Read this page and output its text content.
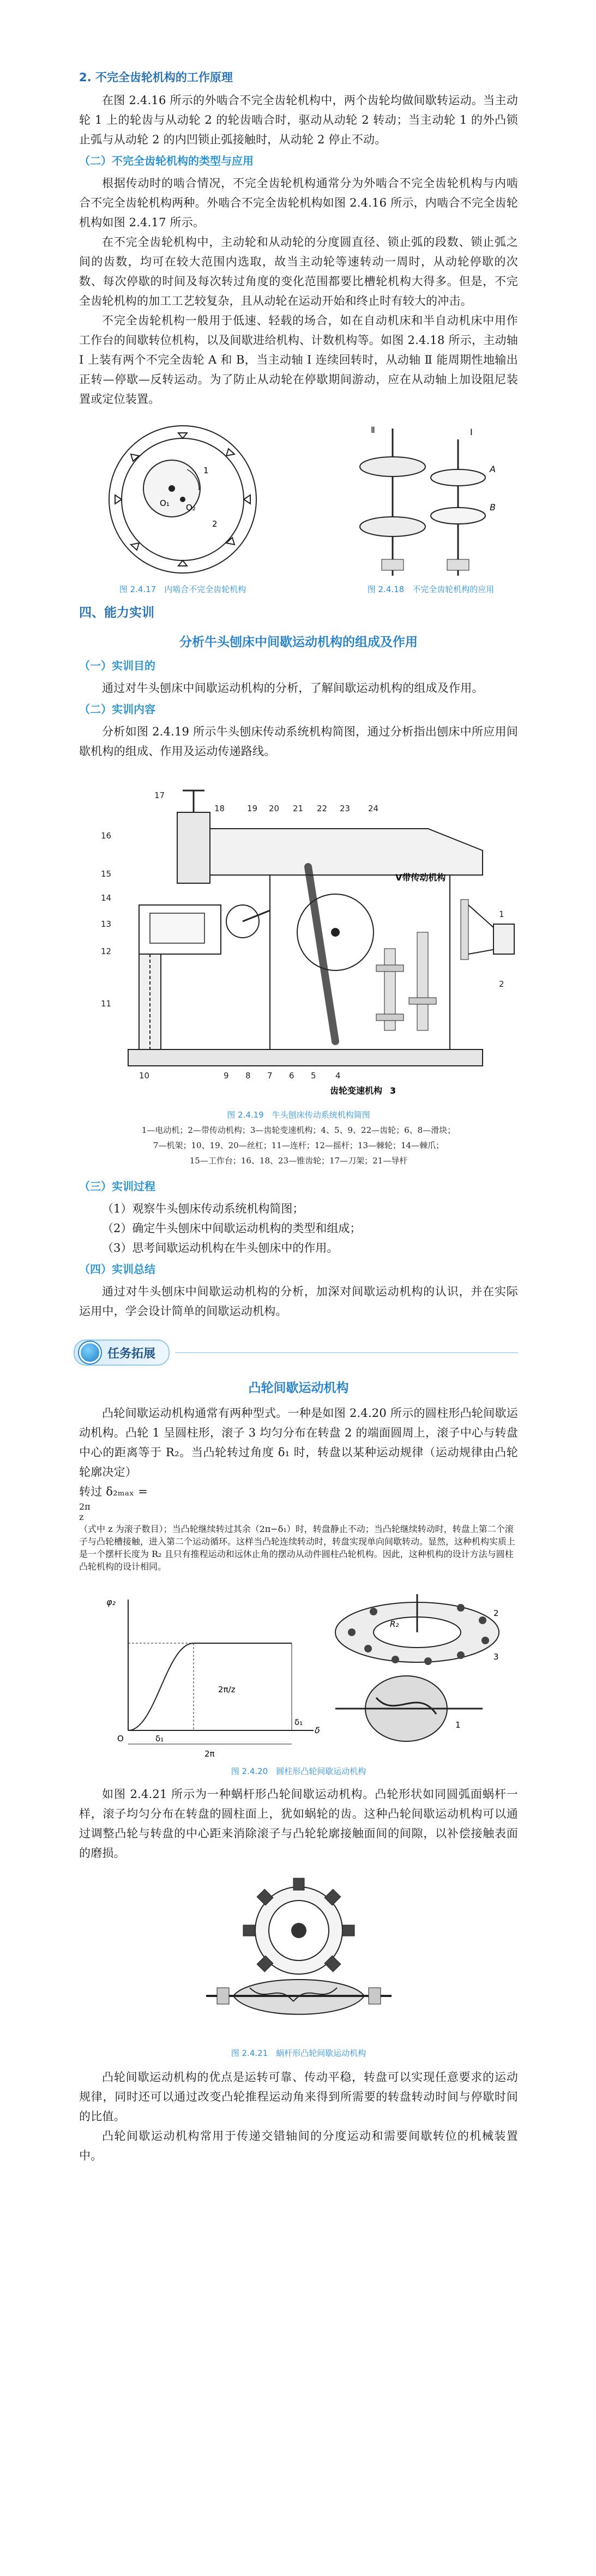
2. 不完全齿轮机构的工作原理

在图 2.4.16 所示的外啮合不完全齿轮机构中，两个齿轮均做间歇转运动。当主动轮 1 上的轮齿与从动轮 2 的轮齿啮合时，驱动从动轮 2 转动；当主动轮 1 的外凸锁止弧与从动轮 2 的内凹锁止弧接触时，从动轮 2 停止不动。

（二）不完全齿轮机构的类型与应用

根据传动时的啮合情况，不完全齿轮机构通常分为外啮合不完全齿轮机构与内啮合不完全齿轮机构两种。外啮合不完全齿轮机构如图 2.4.16 所示，内啮合不完全齿轮机构如图 2.4.17 所示。

在不完全齿轮机构中，主动轮和从动轮的分度圆直径、锁止弧的段数、锁止弧之间的齿数，均可在较大范围内选取，故当主动轮等速转动一周时，从动轮停歇的次数、每次停歇的时间及每次转过角度的变化范围都要比槽轮机构大得多。但是，不完全齿轮机构的加工工艺较复杂，且从动轮在运动开始和终止时有较大的冲击。

不完全齿轮机构一般用于低速、轻载的场合，如在自动机床和半自动机床中用作工作台的间歇转位机构，以及间歇进给机构、计数机构等。如图 2.4.18 所示，主动轴 Ⅰ 上装有两个不完全齿轮 A 和 B，当主动轴 Ⅰ 连续回转时，从动轴 Ⅱ 能周期性地输出正转—停歇—反转运动。为了防止从动轮在停歇期间游动，应在从动轴上加设阻尼装置或定位装置。

O₁ O₂
1
2
图 2.4.17　内啮合不完全齿轮机构
Ⅱ	Ⅰ
A
B
图 2.4.18　不完全齿轮机构的应用
四、能力实训
分析牛头刨床中间歇运动机构的组成及作用
（一）实训目的

通过对牛头刨床中间歇运动机构的分析，了解间歇运动机构的组成及作用。

（二）实训内容

分析如图 2.4.19 所示牛头刨床传动系统机构简图，通过分析指出刨床中所应用间歇机构的组成、作用及运动传递路线。

V带传动机构
齿轮变速机构 3
17
16
15
14
13
12
11
10
18	19 20 21 22 23 24
9 8 7 6 5 4
1
2
图 2.4.19　牛头刨床传动系统机构简图
1—电动机；2—带传动机构；3—齿轮变速机构；4、5、9、22—齿轮；6、8—滑块；
7—机架；10、19、20—丝杠；11—连杆；12—摇杆；13—棘轮；14—棘爪；
15—工作台；16、18、23—锥齿轮；17—刀架；21—导杆
（三）实训过程
（1）观察牛头刨床传动系统机构简图；
（2）确定牛头刨床中间歇运动机构的类型和组成；
（3）思考间歇运动机构在牛头刨床中的作用。
（四）实训总结

通过对牛头刨床中间歇运动机构的分析，加深对间歇运动机构的认识，并在实际运用中，学会设计简单的间歇运动机构。

任务拓展
凸轮间歇运动机构

凸轮间歇运动机构通常有两种型式。一种是如图 2.4.20 所示的圆柱形凸轮间歇运动机构。凸轮 1 呈圆柱形，滚子 3 均匀分布在转盘 2 的端面圆周上，滚子中心与转盘中心的距离等于 R₂。当凸轮转过角度 δ₁ 时，转盘以某种运动规律（运动规律由凸轮轮廓决定）

转过 δ₂ₘₐₓ =

2π
z
（式中 z 为滚子数目）；当凸轮继续转过其余（2π−δ₁）时，转盘静止不动；当凸轮继续转动时，转盘上第二个滚子与凸轮槽接触，进入第二个运动循环。这样当凸轮连续转动时，转盘实现单向间歇转动。显然，这种机构实质上是一个摆杆长度为 R₂ 且只有推程运动和远休止角的摆动从动件圆柱凸轮机构。因此，这种机构的设计方法与圆柱凸轮机构的设计相同。

φ₂
2π/z
O
δ
δ₁
δ₁
2π
R₂
2
3
1
图 2.4.20　圆柱形凸轮间歇运动机构

如图 2.4.21 所示为一种蜗杆形凸轮间歇运动机构。凸轮形状如同圆弧面蜗杆一样，滚子均匀分布在转盘的圆柱面上，犹如蜗轮的齿。这种凸轮间歇运动机构可以通过调整凸轮与转盘的中心距来消除滚子与凸轮轮廓接触面间的间隙，以补偿接触表面的磨损。

图 2.4.21　蜗杆形凸轮间歇运动机构

凸轮间歇运动机构的优点是运转可靠、传动平稳，转盘可以实现任意要求的运动规律，同时还可以通过改变凸轮推程运动角来得到所需要的转盘转动时间与停歇时间的比值。

凸轮间歇运动机构常用于传递交错轴间的分度运动和需要间歇转位的机械装置中。
